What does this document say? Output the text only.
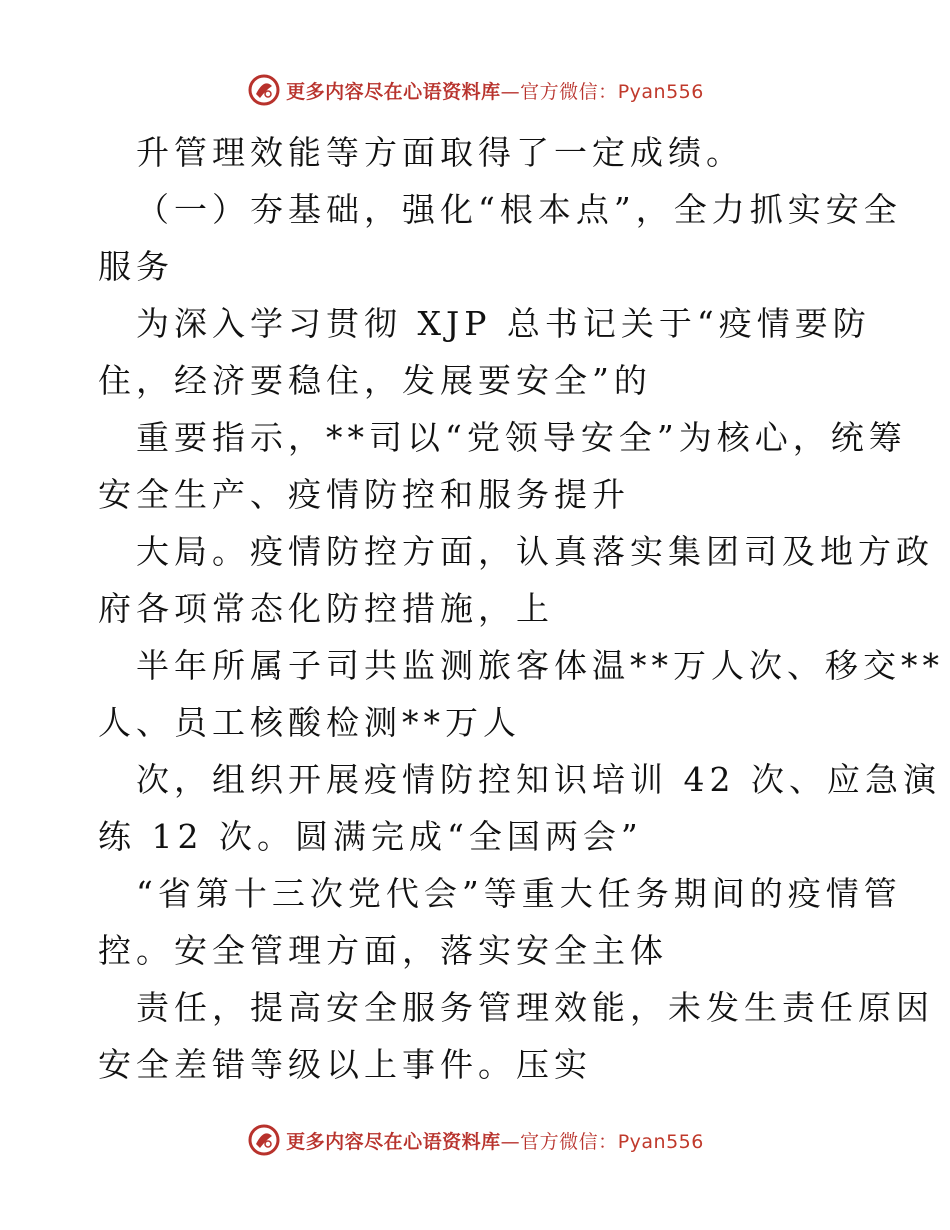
更多内容尽在心语资料库—官方微信：Pyan556
升管理效能等方面取得了一定成绩。
（一）夯基础，强化“根本点”，全力抓实安全
服务
为深入学习贯彻 XJP 总书记关于“疫情要防
住，经济要稳住，发展要安全”的
重要指示，**司以“党领导安全”为核心，统筹
安全生产、疫情防控和服务提升
大局。疫情防控方面，认真落实集团司及地方政
府各项常态化防控措施，上
半年所属子司共监测旅客体温**万人次、移交**
人、员工核酸检测**万人
次，组织开展疫情防控知识培训 42 次、应急演
练 12 次。圆满完成“全国两会”
“省第十三次党代会”等重大任务期间的疫情管
控。安全管理方面，落实安全主体
责任，提高安全服务管理效能，未发生责任原因
安全差错等级以上事件。压实
更多内容尽在心语资料库—官方微信：Pyan556
